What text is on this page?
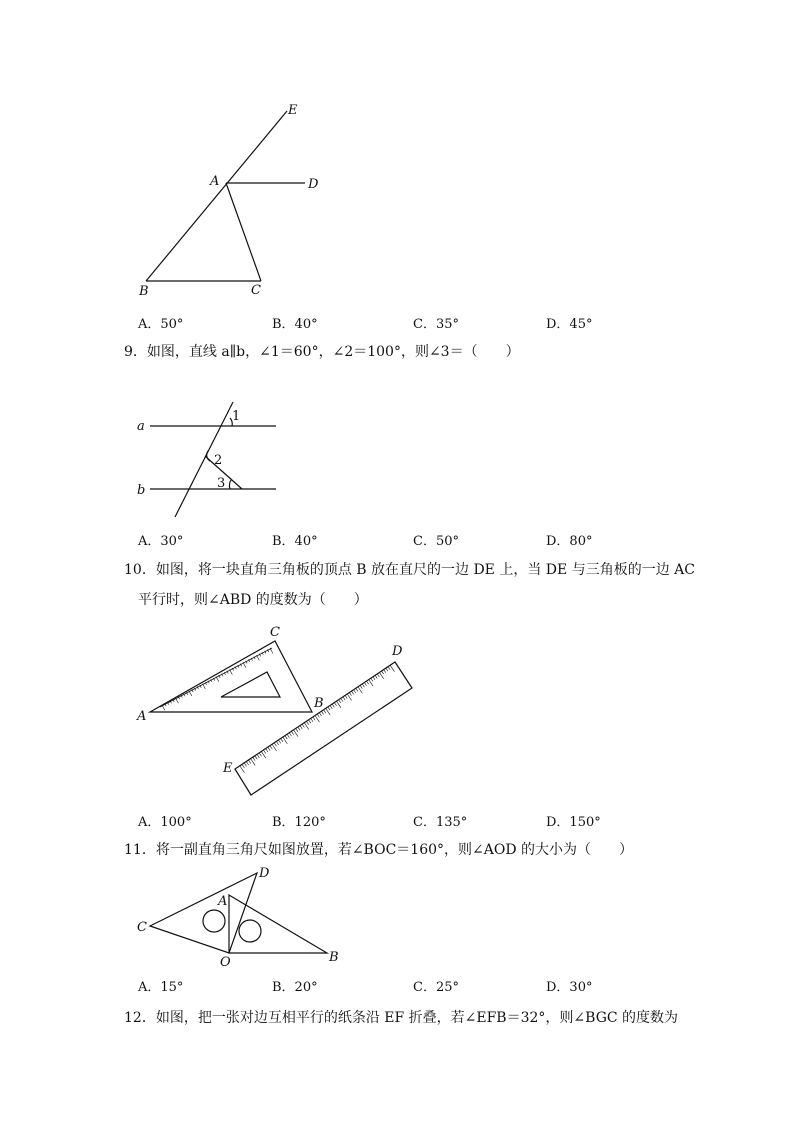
E
A	D
B	C
A．50°	B．40°	C．35°	D．45°
9．如图，直线 a∥b，∠1＝60°，∠2＝100°，则∠3＝（　　）
a
b
1
2
3
A．30°	B．40°	C．50°	D．80°
10．如图，将一块直角三角板的顶点 B 放在直尺的一边 DE 上，当 DE 与三角板的一边 AC
平行时，则∠ABD 的度数为（　　）
C
D
A
B
E
A．100°	B．120°	C．135°	D．150°
11．将一副直角三角尺如图放置，若∠BOC＝160°，则∠AOD 的大小为（　　）
D
A
C
O	B
A．15°	B．20°	C．25°	D．30°
12．如图，把一张对边互相平行的纸条沿 EF 折叠，若∠EFB＝32°，则∠BGC 的度数为
